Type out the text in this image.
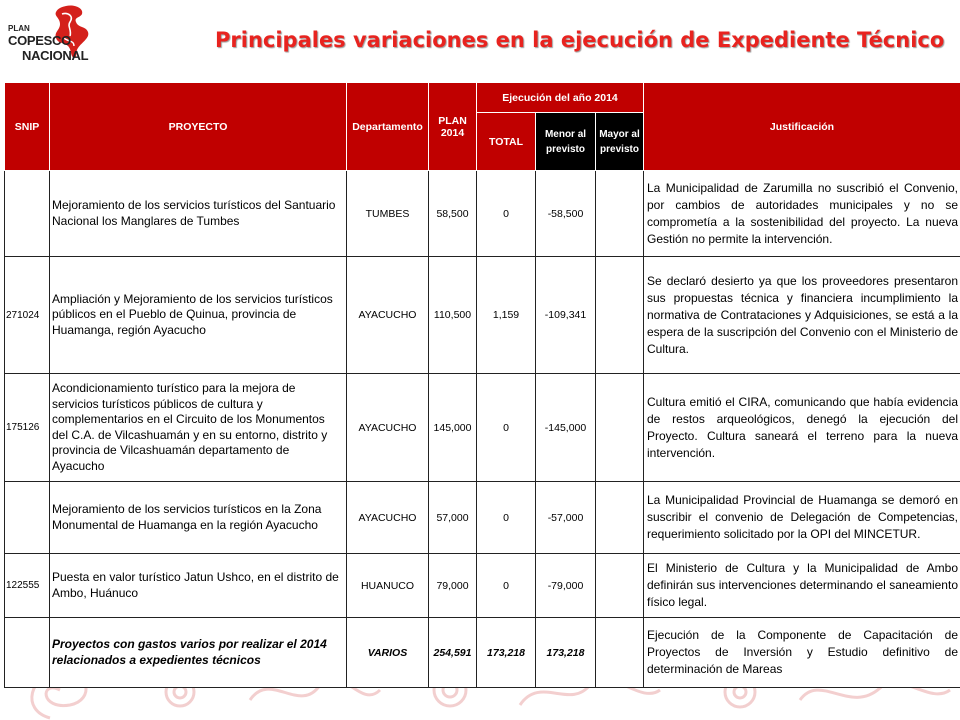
PLAN
COPESCO NACIONAL
Principales variaciones en la ejecución de Expediente Técnico
SNIP	PROYECTO	Departamento	PLAN 2014	Ejecución del año 2014			Justificación
				TOTAL	Menor al previsto	Mayor al previsto	
	Mejoramiento de los servicios turísticos del Santuario Nacional los Manglares de Tumbes	TUMBES	58,500	0	-58,500		La Municipalidad de Zarumilla no suscribió el Convenio, por cambios de autoridades municipales y no se comprometía a la sostenibilidad del proyecto. La nueva Gestión no permite la intervención.
271024	Ampliación y Mejoramiento de los servicios turísticos públicos en el Pueblo de Quinua, provincia de Huamanga, región Ayacucho	AYACUCHO	110,500	1,159	-109,341		Se declaró desierto ya que los proveedores presentaron sus propuestas técnica y financiera incumplimiento la normativa de Contrataciones y Adquisiciones, se está a la espera de la suscripción del Convenio con el Ministerio de Cultura.
175126	Acondicionamiento turístico para la mejora de servicios turísticos públicos de cultura y complementarios en el Circuito de los Monumentos del C.A. de Vilcashuamán y en su entorno, distrito y provincia de Vilcashuamán departamento de Ayacucho	AYACUCHO	145,000	0	-145,000		Cultura emitió el CIRA, comunicando que había evidencia de restos arqueológicos, denegó la ejecución del Proyecto. Cultura saneará el terreno para la nueva intervención.
	Mejoramiento de los servicios turísticos en la Zona Monumental de Huamanga en la región Ayacucho	AYACUCHO	57,000	0	-57,000		La Municipalidad Provincial de Huamanga se demoró en suscribir el convenio de Delegación de Competencias, requerimiento solicitado por la OPI del MINCETUR.
122555	Puesta en valor turístico Jatun Ushco, en el distrito de Ambo, Huánuco	HUANUCO	79,000	0	-79,000		El Ministerio de Cultura y la Municipalidad de Ambo definirán sus intervenciones determinando el saneamiento físico legal.
	Proyectos con gastos varios por realizar el 2014 relacionados a expedientes técnicos	VARIOS	254,591	173,218	173,218		Ejecución de la Componente de Capacitación de Proyectos de Inversión y Estudio definitivo de determinación de Mareas
